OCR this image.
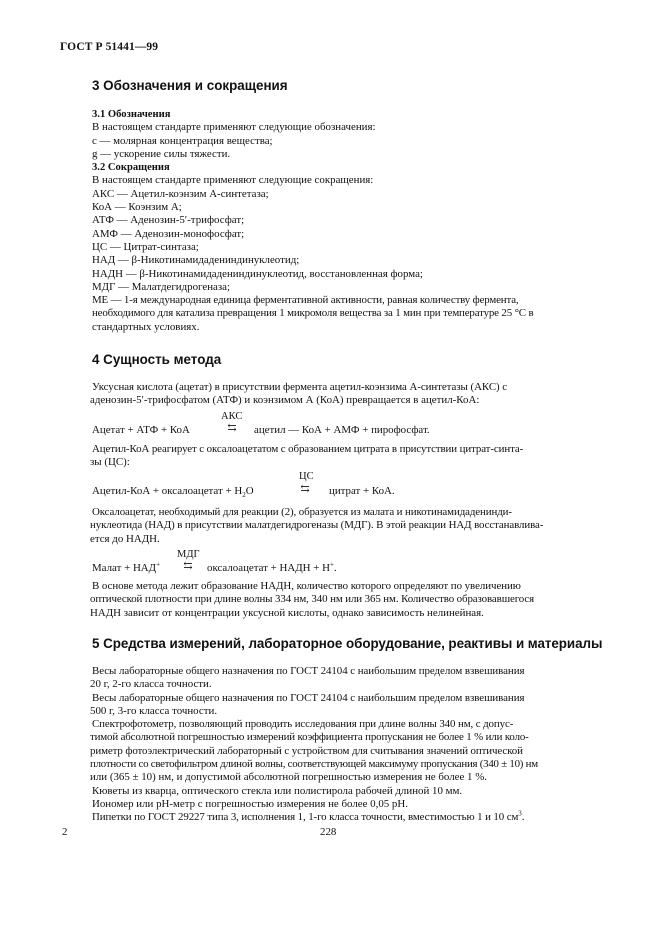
ГОСТ Р 51441—99
3 Обозначения и сокращения
3.1 Обозначения
В настоящем стандарте применяют следующие обозначения:
c — молярная концентрация вещества;
g — ускорение силы тяжести.
3.2 Сокращения
В настоящем стандарте применяют следующие сокращения:
АКС — Ацетил-коэнзим А-синтетаза;
КоА — Коэнзим А;
АТФ — Аденозин-5′-трифосфат;
АМФ — Аденозин-монофосфат;
ЦС — Цитрат-синтаза;
НАД — β-Никотинамидадениндинуклеотид;
НАДН — β-Никотинамидадениндинуклеотид, восстановленная форма;
МДГ — Малатдегидрогеназа;
МЕ — 1-я международная единица ферментативной активности, равная количеству фермента,
необходимого для катализа превращения 1 микромоля вещества за 1 мин при температуре 25 °С в
стандартных условиях.
4 Сущность метода
Уксусная кислота (ацетат) в присутствии фермента ацетил-коэнзима А-синтетазы (АКС) с
аденозин-5′-трифосфатом (АТФ) и коэнзимом А (КоА) превращается в ацетил-КоА:
АКС
⇆
Ацетат + АТФ + КоА	ацетил — КоА + АМФ + пирофосфат.
Ацетил-КоА реагирует с оксалоацетатом с образованием цитрата в присутствии цитрат-синта-
зы (ЦС):
ЦС
⇆
Ацетил-КоА + оксалоацетат + $H_2O$	цитрат + КоА.
Оксалоацетат, необходимый для реакции (2), образуется из малата и никотинамидаденинди-
нуклеотида (НАД) в присутствии малатдегидрогеназы (МДГ). В этой реакции НАД восстанавлива-
ется до НАДН.
МДГ
⇆
Малат + НАД+	оксалоацетат + НАДН + Н+.
В основе метода лежит образование НАДН, количество которого определяют по увеличению
оптической плотности при длине волны 334 нм, 340 нм или 365 нм. Количество образовавшегося
НАДН зависит от концентрации уксусной кислоты, однако зависимость нелинейная.
5 Средства измерений, лабораторное оборудование, реактивы и материалы
Весы лабораторные общего назначения по ГОСТ 24104 с наибольшим пределом взвешивания
20 г, 2-го класса точности.
Весы лабораторные общего назначения по ГОСТ 24104 с наибольшим пределом взвешивания
500 г, 3-го класса точности.
Спектрофотометр, позволяющий проводить исследования при длине волны 340 нм, с допус-
тимой абсолютной погрешностью измерений коэффициента пропускания не более 1 % или коло-
риметр фотоэлектрический лабораторный с устройством для считывания значений оптической
плотности со светофильтром длиной волны, соответствующей максимуму пропускания (340 ± 10) нм
или (365 ± 10) нм, и допустимой абсолютной погрешностью измерения не более 1 %.
Кюветы из кварца, оптического стекла или полистирола рабочей длиной 10 мм.
Иономер или pH-метр с погрешностью измерения не более 0,05 pH.
Пипетки по ГОСТ 29227 типа 3, исполнения 1, 1-го класса точности, вместимостью 1 и 10 $см^3$.
2	228
